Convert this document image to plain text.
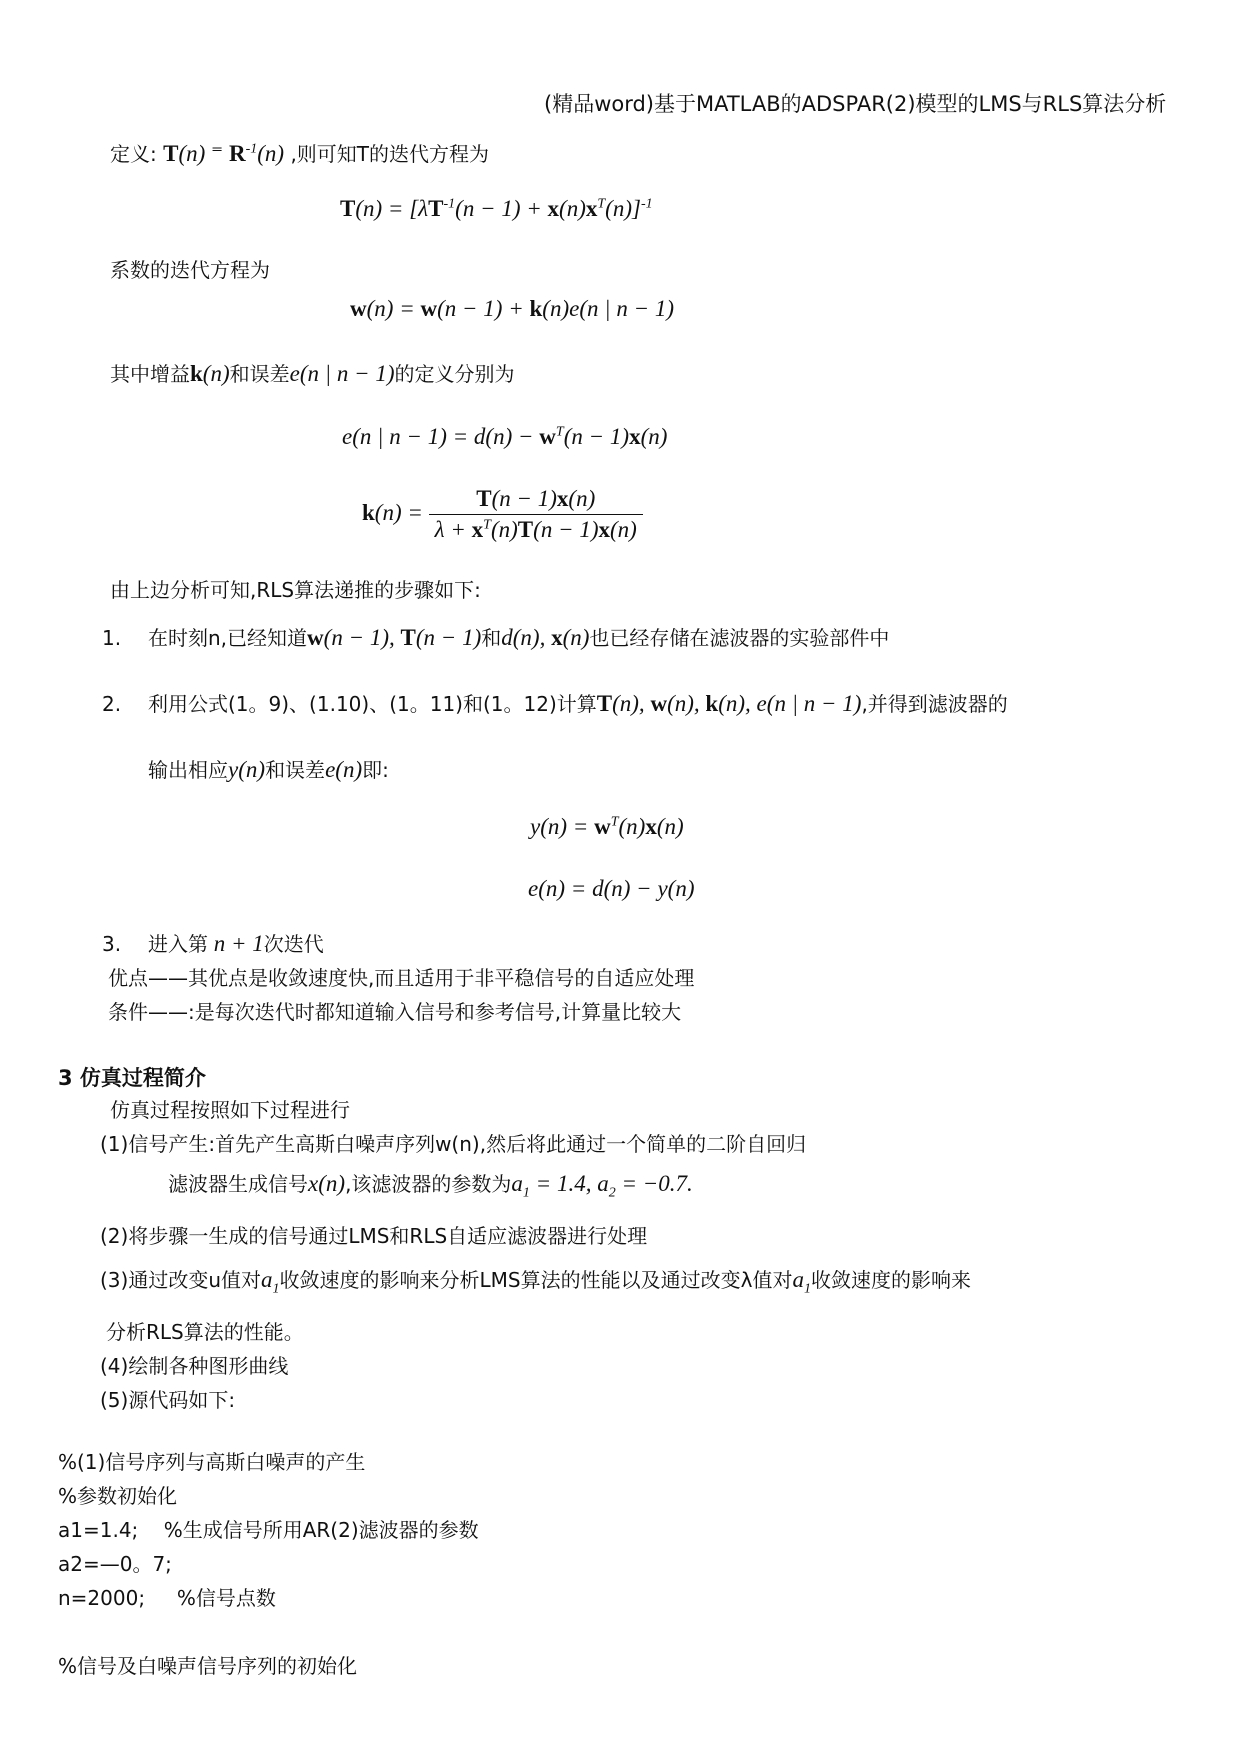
(精品word)基于MATLAB的ADSPAR(2)模型的LMS与RLS算法分析
定义: T(n) ⁼ $R^{-1}(n)$ ,则可知T的迭代方程为
$T(n) = [\lambda T^{-1}(n - 1) + x(n)x^T(n)]^{-1}$
系数的迭代方程为
w(n) = w(n − 1) + k(n)e(n | n − 1)
其中增益k(n)和误差e(n | n − 1)的定义分别为
e(n | $n - 1) = d(n) - w^T(n - 1)x(n)$
$k(n) = \frac{T(n - 1)x(n)}{\lambda + x^T(n)T(n - 1)x(n)}$
由上边分析可知,RLS算法递推的步骤如下:
1. 在时刻n,已经知道w(n − 1), T(n − 1)和d(n), x(n)也已经存储在滤波器的实验部件中
2. 利用公式(1。9)、(1.10)、(1。11)和(1。12)计算T(n), w(n), k(n), e(n | n − 1),并得到滤波器的
输出相应y(n)和误差e(n)即:
$y(n) = w^T(n)x(n)$
e(n) = d(n) − y(n)
3. 进入第 n + 1次迭代
优点——其优点是收敛速度快,而且适用于非平稳信号的自适应处理
条件——:是每次迭代时都知道输入信号和参考信号,计算量比较大
3 仿真过程简介
仿真过程按照如下过程进行
(1)信号产生:首先产生高斯白噪声序列w(n),然后将此通过一个简单的二阶自回归
滤波器生成信号x(n),该滤波器的参数为$a_1 = 1.4$, $a_2 = -0.7$.
(2)将步骤一生成的信号通过LMS和RLS自适应滤波器进行处理
(3)通过改变u值对$a_1$收敛速度的影响来分析LMS算法的性能以及通过改变λ值对$a_1$收敛速度的影响来
分析RLS算法的性能。
(4)绘制各种图形曲线
(5)源代码如下:
%(1)信号序列与高斯白噪声的产生
%参数初始化
a1=1.4;    %生成信号所用AR(2)滤波器的参数
a2=—0。7;
n=2000;     %信号点数
%信号及白噪声信号序列的初始化
